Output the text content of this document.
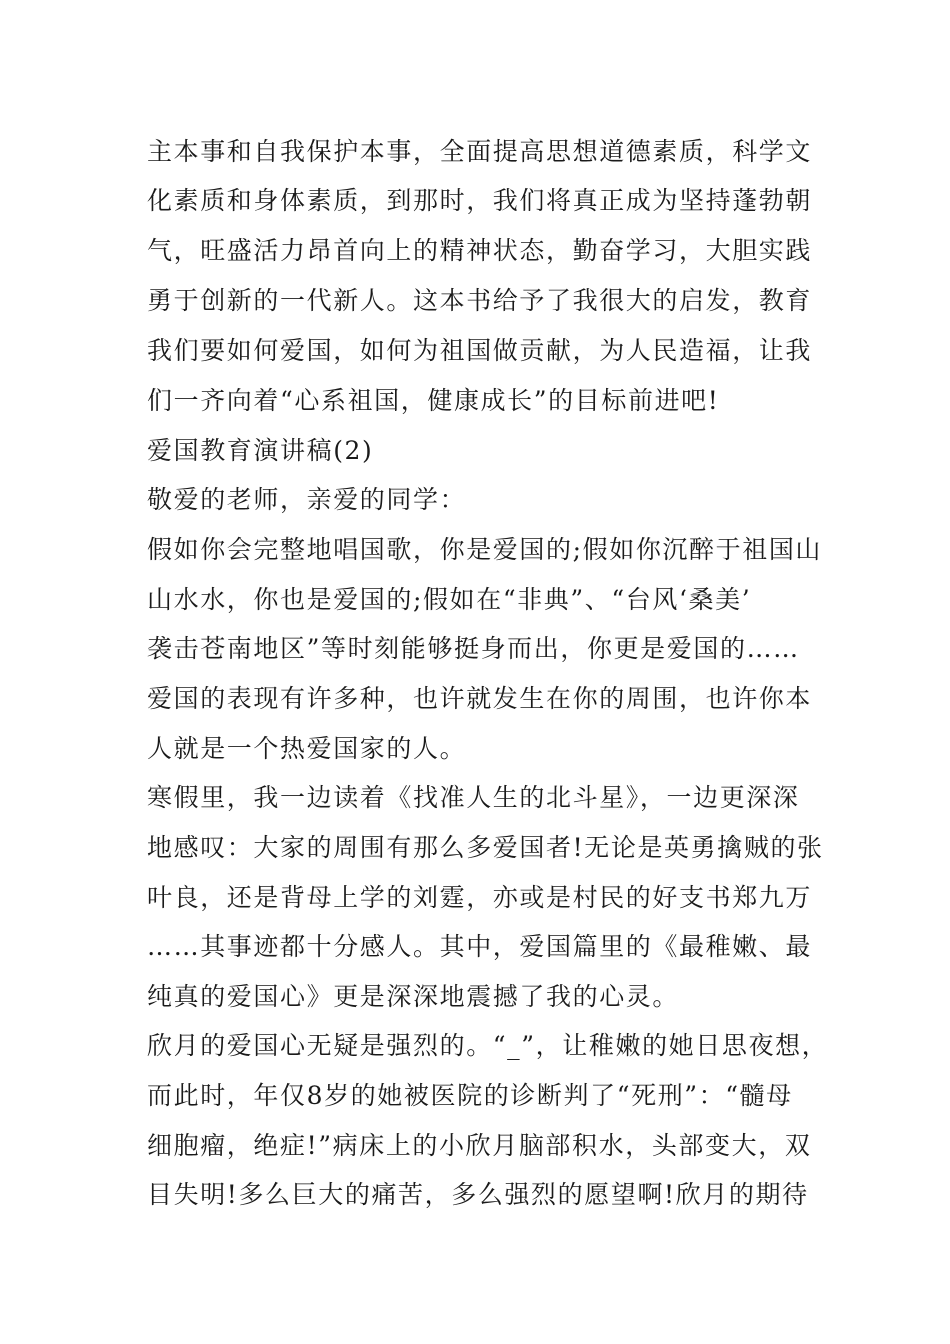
主本事和自我保护本事，全面提高思想道德素质，科学文

化素质和身体素质，到那时，我们将真正成为坚持蓬勃朝

气，旺盛活力昂首向上的精神状态，勤奋学习，大胆实践

勇于创新的一代新人。这本书给予了我很大的启发，教育

我们要如何爱国，如何为祖国做贡献，为人民造福，让我

们一齐向着“心系祖国，健康成长”的目标前进吧!

爱国教育演讲稿(2)

敬爱的老师，亲爱的同学：

假如你会完整地唱国歌，你是爱国的;假如你沉醉于祖国山

山水水，你也是爱国的;假如在“非典”、“台风‘桑美’

袭击苍南地区”等时刻能够挺身而出，你更是爱国的……

爱国的表现有许多种，也许就发生在你的周围，也许你本

人就是一个热爱国家的人。

寒假里，我一边读着《找准人生的北斗星》，一边更深深

地感叹：大家的周围有那么多爱国者!无论是英勇擒贼的张

叶良，还是背母上学的刘霆，亦或是村民的好支书郑九万

……其事迹都十分感人。其中，爱国篇里的《最稚嫩、最

纯真的爱国心》更是深深地震撼了我的心灵。

欣月的爱国心无疑是强烈的。“_”，让稚嫩的她日思夜想，

而此时，年仅8岁的她被医院的诊断判了“死刑”：“髓母

细胞瘤，绝症!”病床上的小欣月脑部积水，头部变大，双

目失明!多么巨大的痛苦，多么强烈的愿望啊!欣月的期待
